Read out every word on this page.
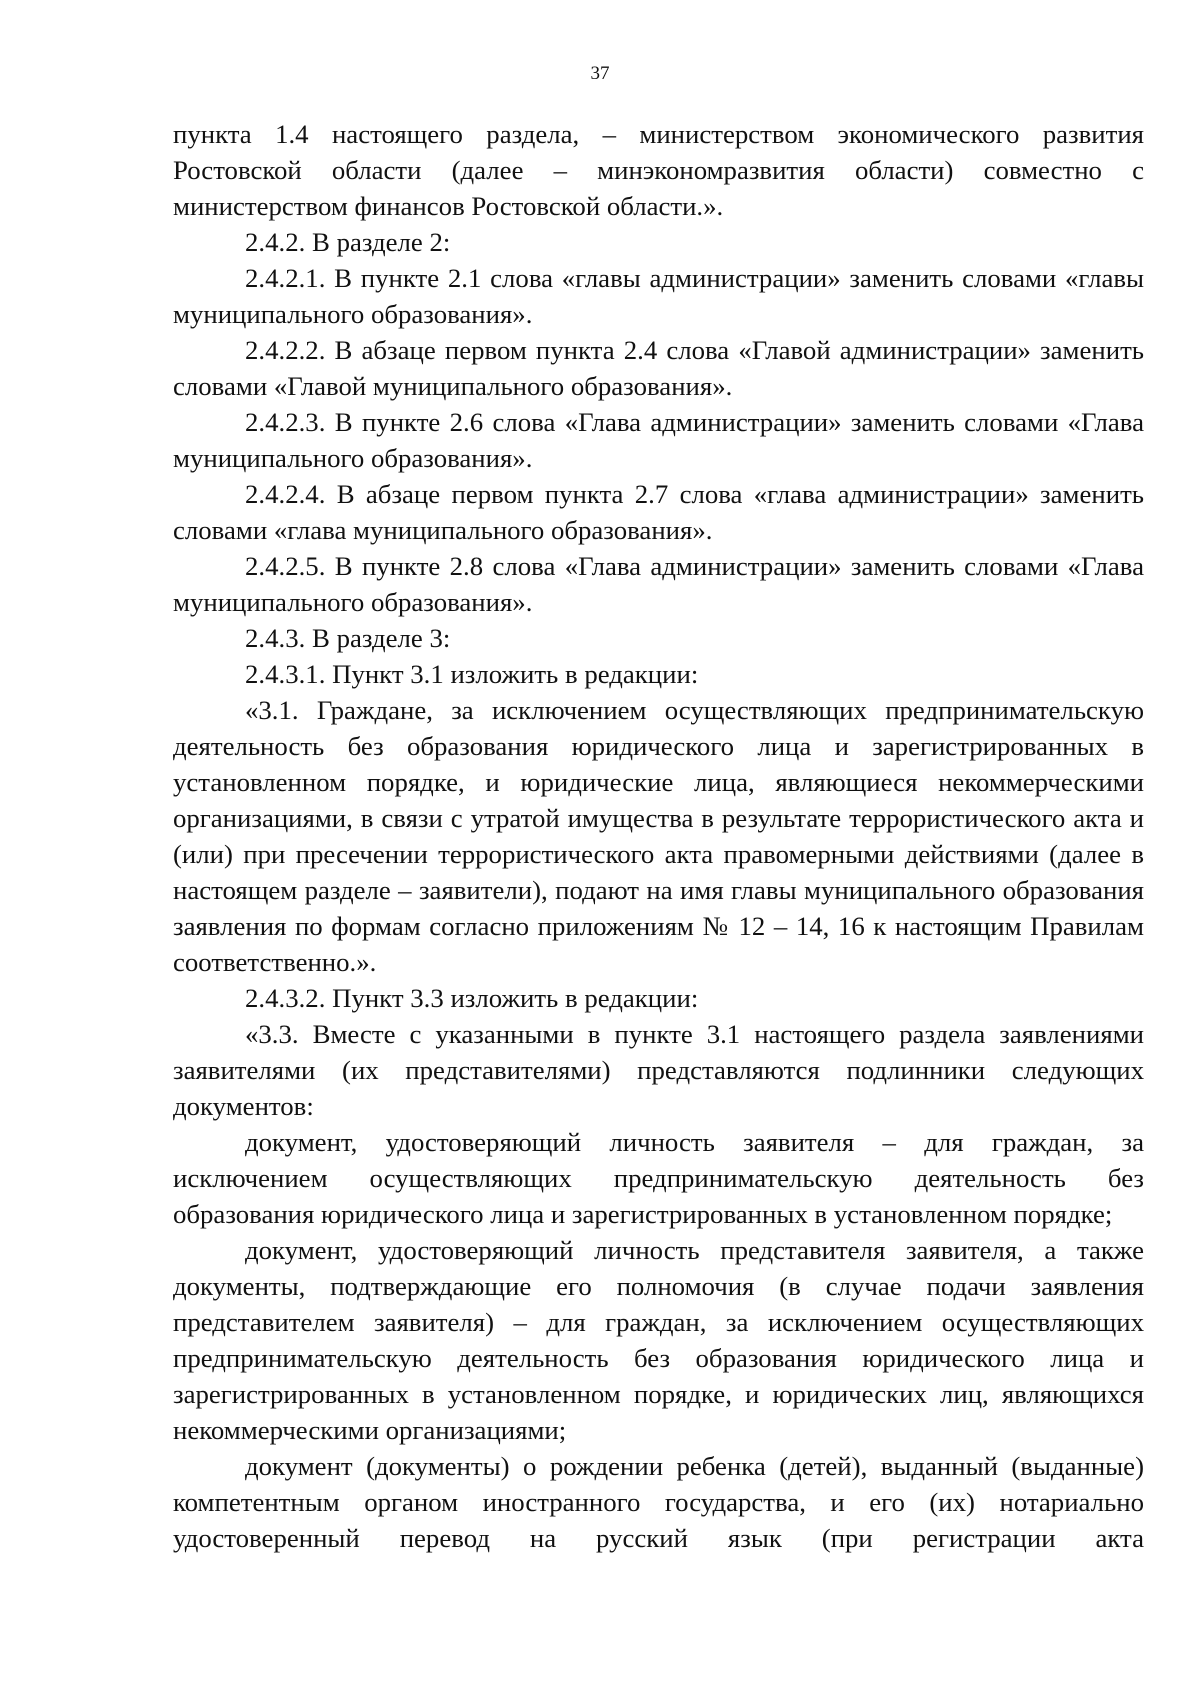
37

пункта 1.4 настоящего раздела, – министерством экономического развития Ростовской области (далее – минэкономразвития области) совместно с министерством финансов Ростовской области.».

2.4.2. В разделе 2:

2.4.2.1. В пункте 2.1 слова «главы администрации» заменить словами «главы муниципального образования».

2.4.2.2. В абзаце первом пункта 2.4 слова «Главой администрации» заменить словами «Главой муниципального образования».

2.4.2.3. В пункте 2.6 слова «Глава администрации» заменить словами «Глава муниципального образования».

2.4.2.4. В абзаце первом пункта 2.7 слова «глава администрации» заменить словами «глава муниципального образования».

2.4.2.5. В пункте 2.8 слова «Глава администрации» заменить словами «Глава муниципального образования».

2.4.3. В разделе 3:

2.4.3.1. Пункт 3.1 изложить в редакции:

«3.1. Граждане, за исключением осуществляющих предпринимательскую деятельность без образования юридического лица и зарегистрированных в установленном порядке, и юридические лица, являющиеся некоммерческими организациями, в связи с утратой имущества в результате террористического акта и (или) при пресечении террористического акта правомерными действиями (далее в настоящем разделе – заявители), подают на имя главы муниципального образования заявления по формам согласно приложениям № 12 – 14, 16 к настоящим Правилам соответственно.».

2.4.3.2. Пункт 3.3 изложить в редакции:

«3.3. Вместе с указанными в пункте 3.1 настоящего раздела заявлениями заявителями (их представителями) представляются подлинники следующих документов:

документ, удостоверяющий личность заявителя – для граждан, за исключением осуществляющих предпринимательскую деятельность без образования юридического лица и зарегистрированных в установленном порядке;

документ, удостоверяющий личность представителя заявителя, а также документы, подтверждающие его полномочия (в случае подачи заявления представителем заявителя) – для граждан, за исключением осуществляющих предпринимательскую деятельность без образования юридического лица и зарегистрированных в установленном порядке, и юридических лиц, являющихся некоммерческими организациями;

документ (документы) о рождении ребенка (детей), выданный (выданные) компетентным органом иностранного государства, и его (их) нотариально удостоверенный перевод на русский язык (при регистрации акта
